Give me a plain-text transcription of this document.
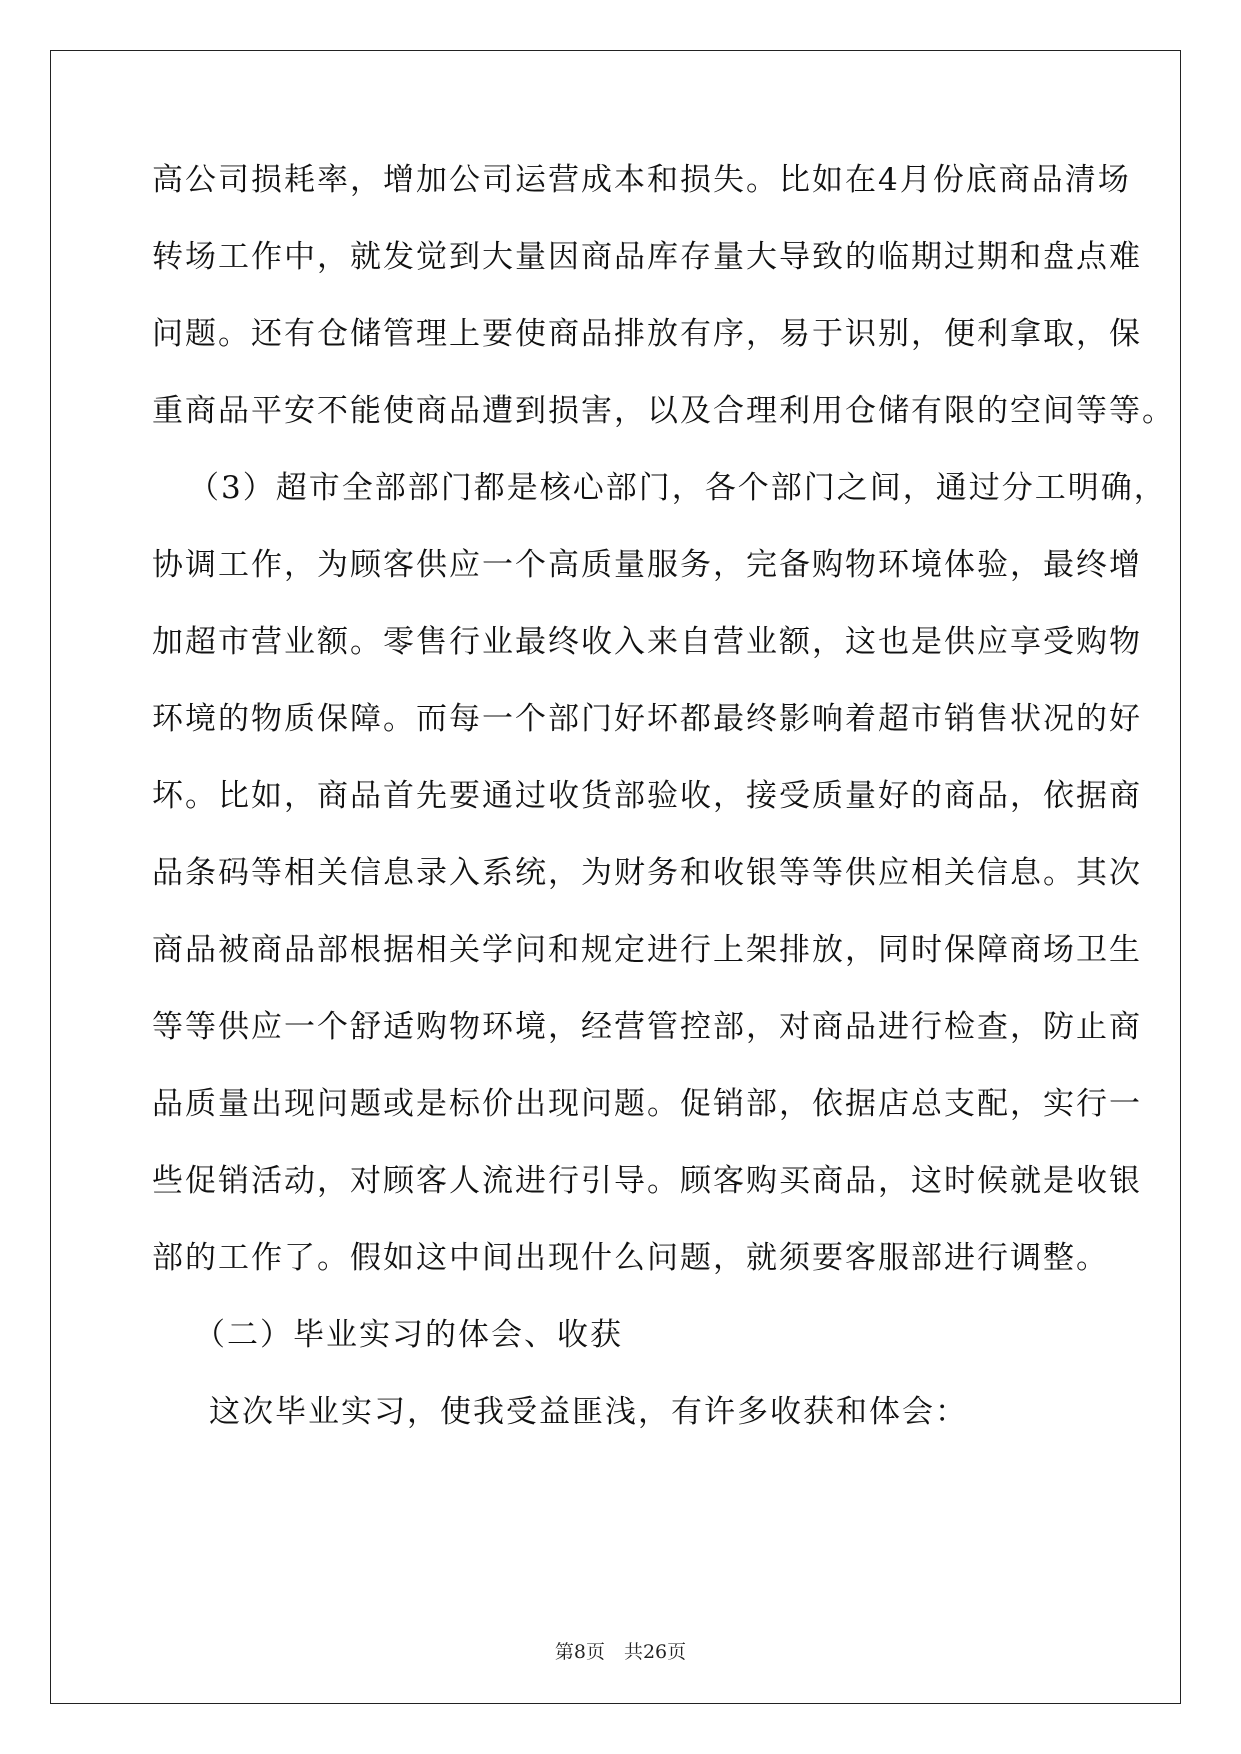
高公司损耗率，增加公司运营成本和损失。比如在4月份底商品清场
转场工作中，就发觉到大量因商品库存量大导致的临期过期和盘点难
问题。还有仓储管理上要使商品排放有序，易于识别，便利拿取，保
重商品平安不能使商品遭到损害，以及合理利用仓储有限的空间等等。
（3）超市全部部门都是核心部门，各个部门之间，通过分工明确，
协调工作，为顾客供应一个高质量服务，完备购物环境体验，最终增
加超市营业额。零售行业最终收入来自营业额，这也是供应享受购物
环境的物质保障。而每一个部门好坏都最终影响着超市销售状况的好
坏。比如，商品首先要通过收货部验收，接受质量好的商品，依据商
品条码等相关信息录入系统，为财务和收银等等供应相关信息。其次
商品被商品部根据相关学问和规定进行上架排放，同时保障商场卫生
等等供应一个舒适购物环境，经营管控部，对商品进行检查，防止商
品质量出现问题或是标价出现问题。促销部，依据店总支配，实行一
些促销活动，对顾客人流进行引导。顾客购买商品，这时候就是收银
部的工作了。假如这中间出现什么问题，就须要客服部进行调整。
（二）毕业实习的体会、收获
这次毕业实习，使我受益匪浅，有许多收获和体会：
第8页　共26页
